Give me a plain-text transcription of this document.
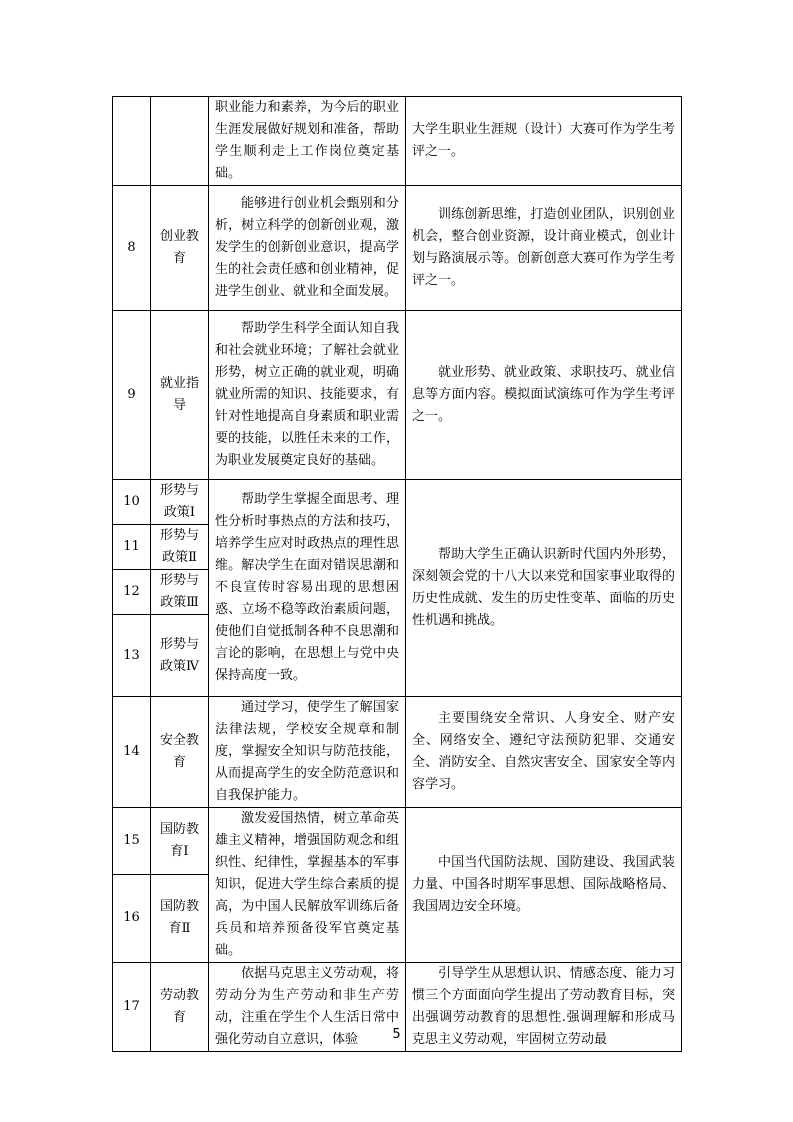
		职业能力和素养，为今后的职业生涯发展做好规划和准备，帮助学生顺利走上工作岗位奠定基础。	大学生职业生涯规（设计）大赛可作为学生考评之一。
8	创业教育	能够进行创业机会甄别和分析，树立科学的创新创业观，激发学生的创新创业意识，提高学生的社会责任感和创业精神，促进学生创业、就业和全面发展。	训练创新思维，打造创业团队，识别创业机会，整合创业资源，设计商业模式，创业计划与路演展示等。创新创意大赛可作为学生考评之一。

9	就业指导	帮助学生科学全面认知自我和社会就业环境；了解社会就业形势，树立正确的就业观，明确就业所需的知识、技能要求，有针对性地提高自身素质和职业需要的技能，以胜任未来的工作，为职业发展奠定良好的基础。	就业形势、就业政策、求职技巧、就业信息等方面内容。模拟面试演练可作为学生考评之一。

10	形势与政策Ⅰ	帮助学生掌握全面思考、理性分析时事热点的方法和技巧，培养学生应对时政热点的理性思维。解决学生在面对错误思潮和不良宣传时容易出现的思想困惑、立场不稳等政治素质问题，使他们自觉抵制各种不良思潮和言论的影响，在思想上与党中央保持高度一致。	帮助大学生正确认识新时代国内外形势，深刻领会党的十八大以来党和国家事业取得的历史性成就、发生的历史性变革、面临的历史性机遇和挑战。

11	形势与政策Ⅱ		
12	形势与政策Ⅲ		
13	形势与政策Ⅳ		
14	安全教育	通过学习，使学生了解国家法律法规，学校安全规章和制度，掌握安全知识与防范技能，从而提高学生的安全防范意识和自我保护能力。	主要围绕安全常识、人身安全、财产安全、网络安全、遵纪守法预防犯罪、交通安全、消防安全、自然灾害安全、国家安全等内容学习。

15	国防教育Ⅰ	激发爱国热情，树立革命英雄主义精神，增强国防观念和组织性、纪律性，掌握基本的军事知识，促进大学生综合素质的提高，为中国人民解放军训练后备兵员和培养预备役军官奠定基础。	中国当代国防法规、国防建设、我国武装力量、中国各时期军事思想、国际战略格局、我国周边安全环境。

16	国防教育Ⅱ		
17	劳动教育	依据马克思主义劳动观，将劳动分为生产劳动和非生产劳动，注重在学生个人生活日常中强化劳动自立意识，体验	引导学生从思想认识、情感态度、能力习惯三个方面面向学生提出了劳动教育目标，突出强调劳动教育的思想性.强调理解和形成马克思主义劳动观，牢固树立劳动最
5
